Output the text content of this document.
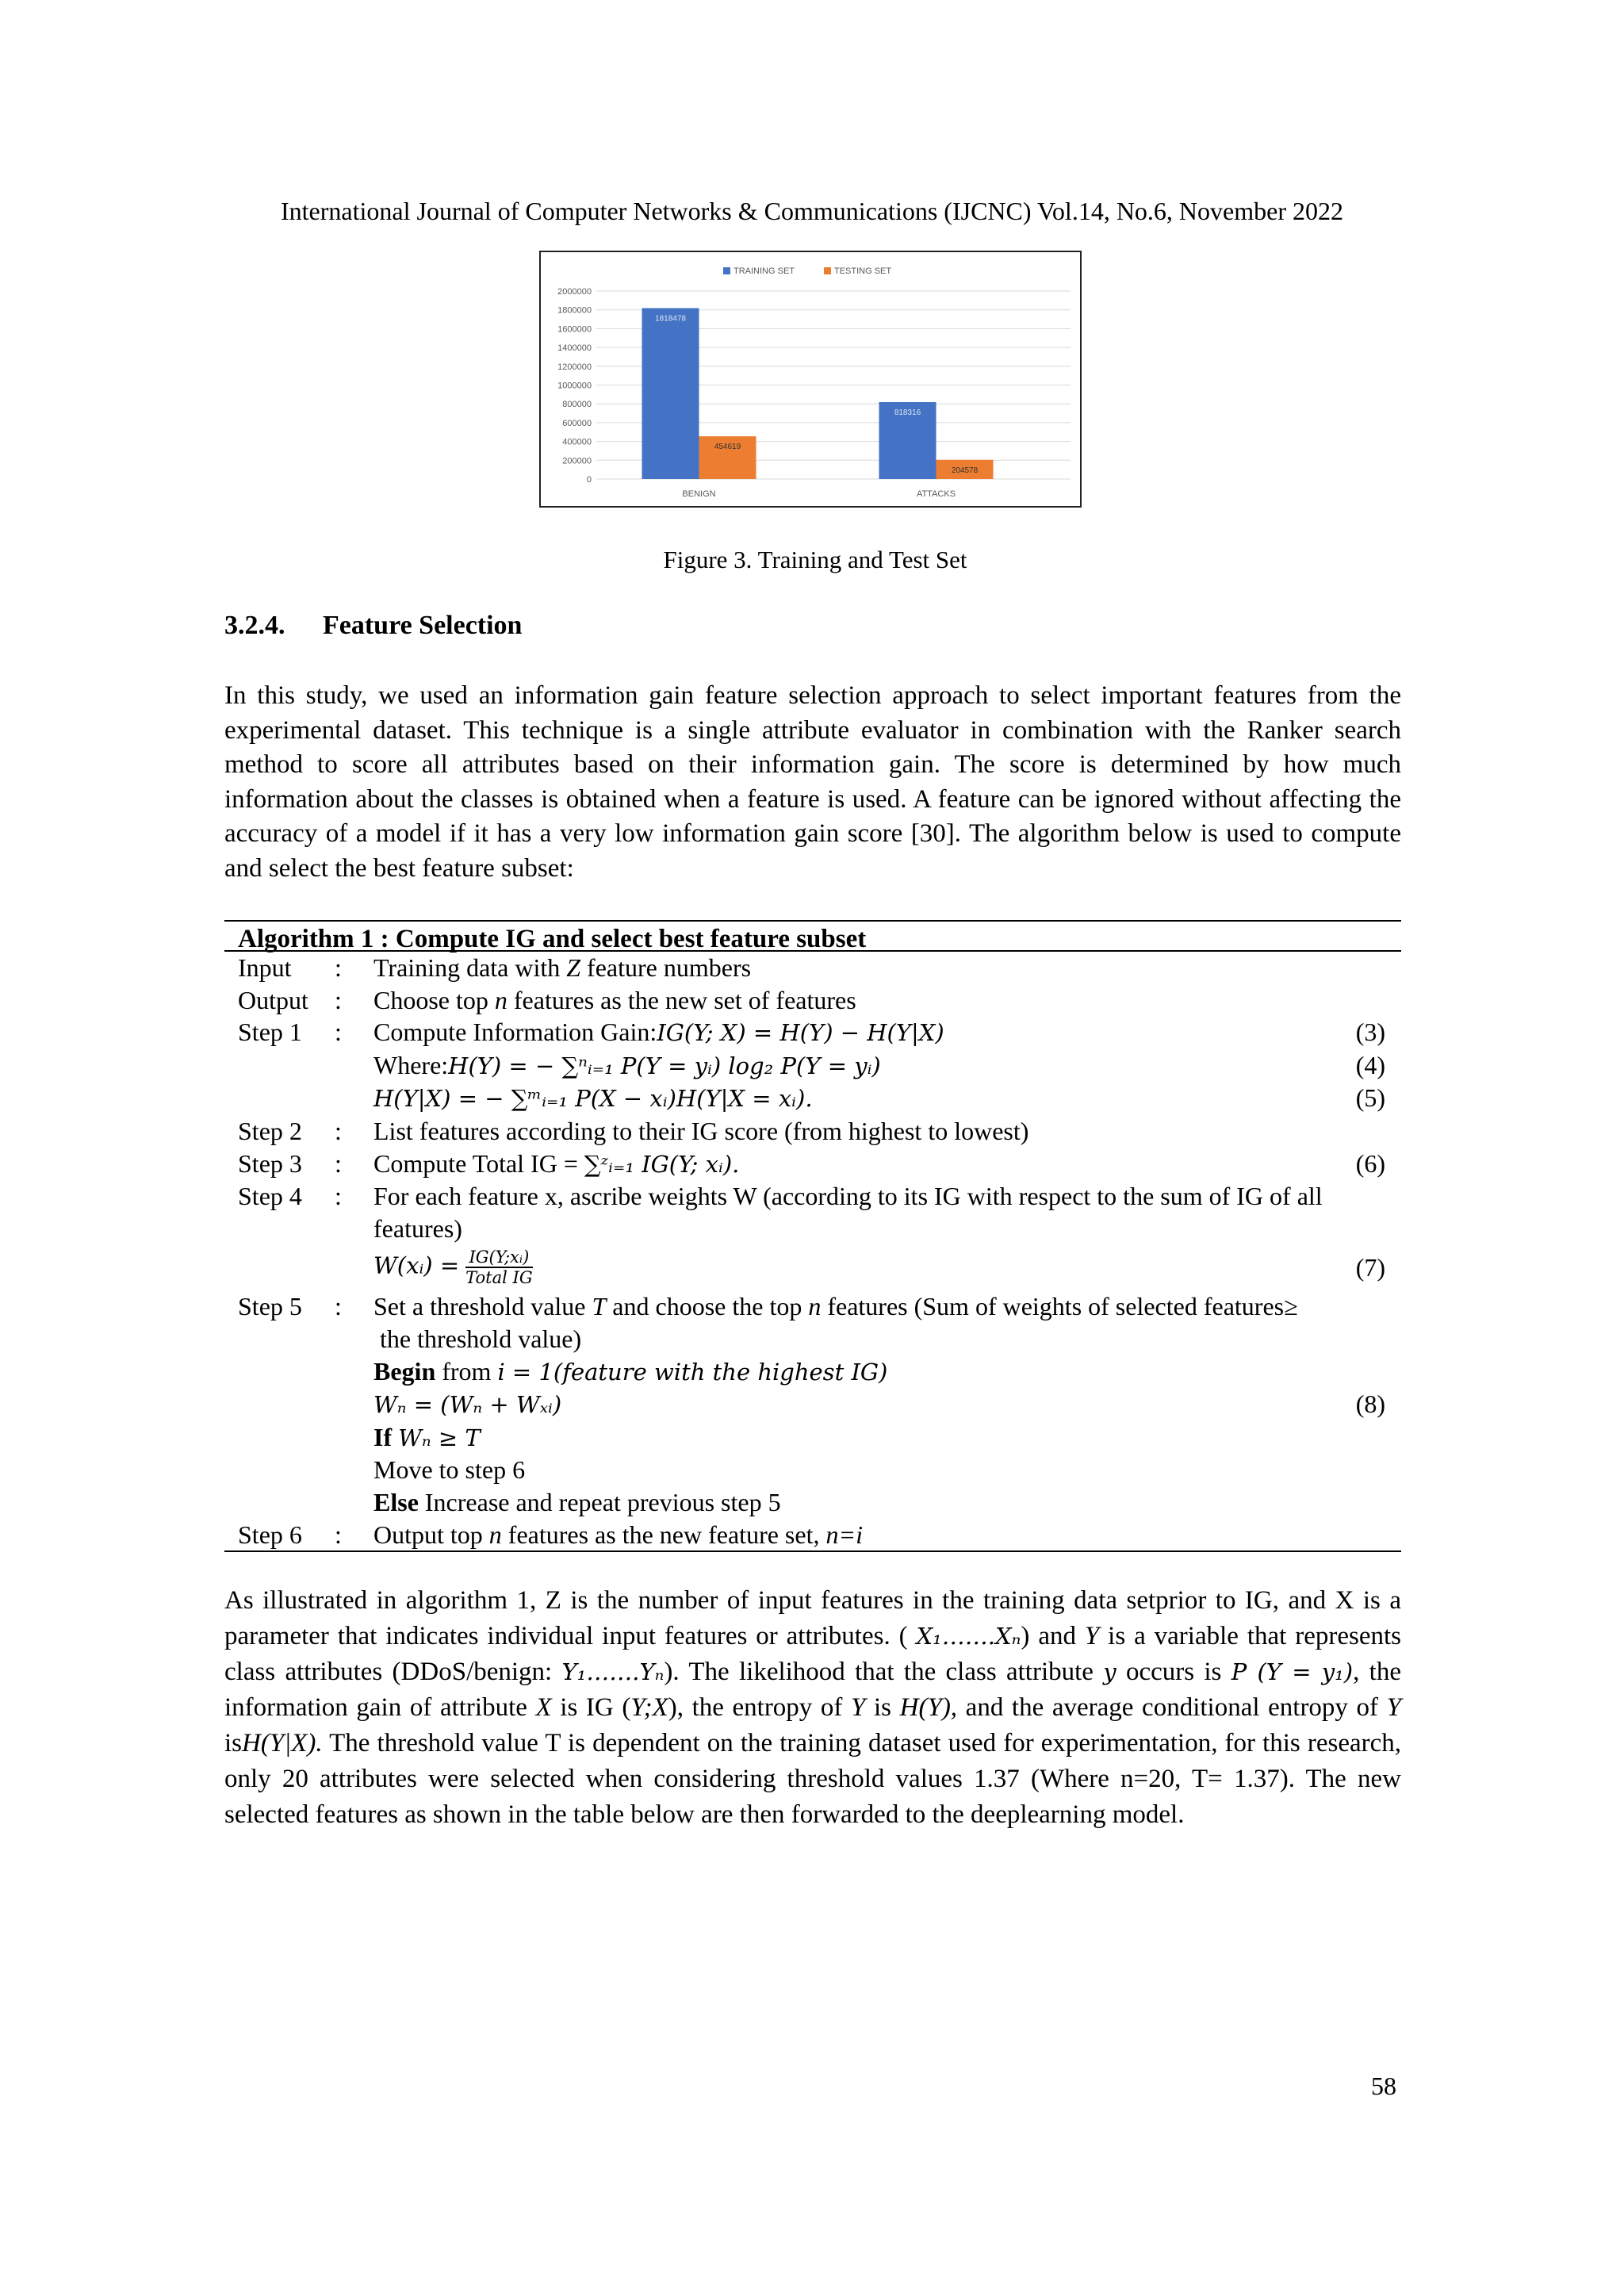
International Journal of Computer Networks & Communications (IJCNC) Vol.14, No.6, November 2022
0
200000
400000
600000
800000
1000000
1200000
1400000
1600000
1800000
2000000
TRAINING SET	TESTING SET
1818478
454619
BENIGN
818316
204578
ATTACKS
Figure 3. Training and Test Set
3.2.4. Feature Selection

In this study, we used an information gain feature selection approach to select important features from the experimental dataset. This technique is a single attribute evaluator in combination with the Ranker search method to score all attributes based on their information gain. The score is determined by how much information about the classes is obtained when a feature is used. A feature can be ignored without affecting the accuracy of a model if it has a very low information gain score [30]. The algorithm below is used to compute and select the best feature subset:

Algorithm 1 : Compute IG and select best feature subset
Input	:	Training data with Z feature numbers	
Output	:	Choose top n features as the new set of features	
Step 1	:	Compute Information Gain:IG(Y; X) = H(Y) − H(Y|X)	(3)
		Where:H(Y) = − ∑ⁿᵢ₌₁ P(Y = yᵢ) log₂ P(Y = yᵢ)	(4)
		H(Y|X) = − ∑ᵐᵢ₌₁ P(X − xᵢ)H(Y|X = xᵢ).	(5)
Step 2	:	List features according to their IG score (from highest to lowest)	
Step 3	:	Compute Total IG = ∑ᶻᵢ₌₁ IG(Y; xᵢ).	(6)
Step 4	:	For each feature x, ascribe weights W (according to its IG with respect to the sum of IG of all features)	
		W(xᵢ) = $\frac{\text{IG(Y;xᵢ)}}{\text{Total IG}}$	(7)
Step 5	:	Set a threshold value T and choose the top n features (Sum of weights of selected features≥	
		the threshold value)	
		Begin from i = 1(feature with the highest IG)	
		Wₙ = (Wₙ + Wₓᵢ)	(8)
		If Wₙ ≥ T	
		Move to step 6	
		Else Increase and repeat previous step 5	
Step 6	:	Output top n features as the new feature set, n=i	

As illustrated in algorithm 1, Z is the number of input features in the training data setprior to IG, and X is a parameter that indicates individual input features or attributes. ( X₁…….Xₙ) and Y is a variable that represents class attributes (DDoS/benign: Y₁…….Yₙ). The likelihood that the class attribute y occurs is P (Y = y₁), the information gain of attribute X is IG (Y;X), the entropy of Y is H(Y), and the average conditional entropy of Y isH(Y|X). The threshold value T is dependent on the training dataset used for experimentation, for this research, only 20 attributes were selected when considering threshold values 1.37 (Where n=20, T= 1.37). The new selected features as shown in the table below are then forwarded to the deeplearning model.

58
